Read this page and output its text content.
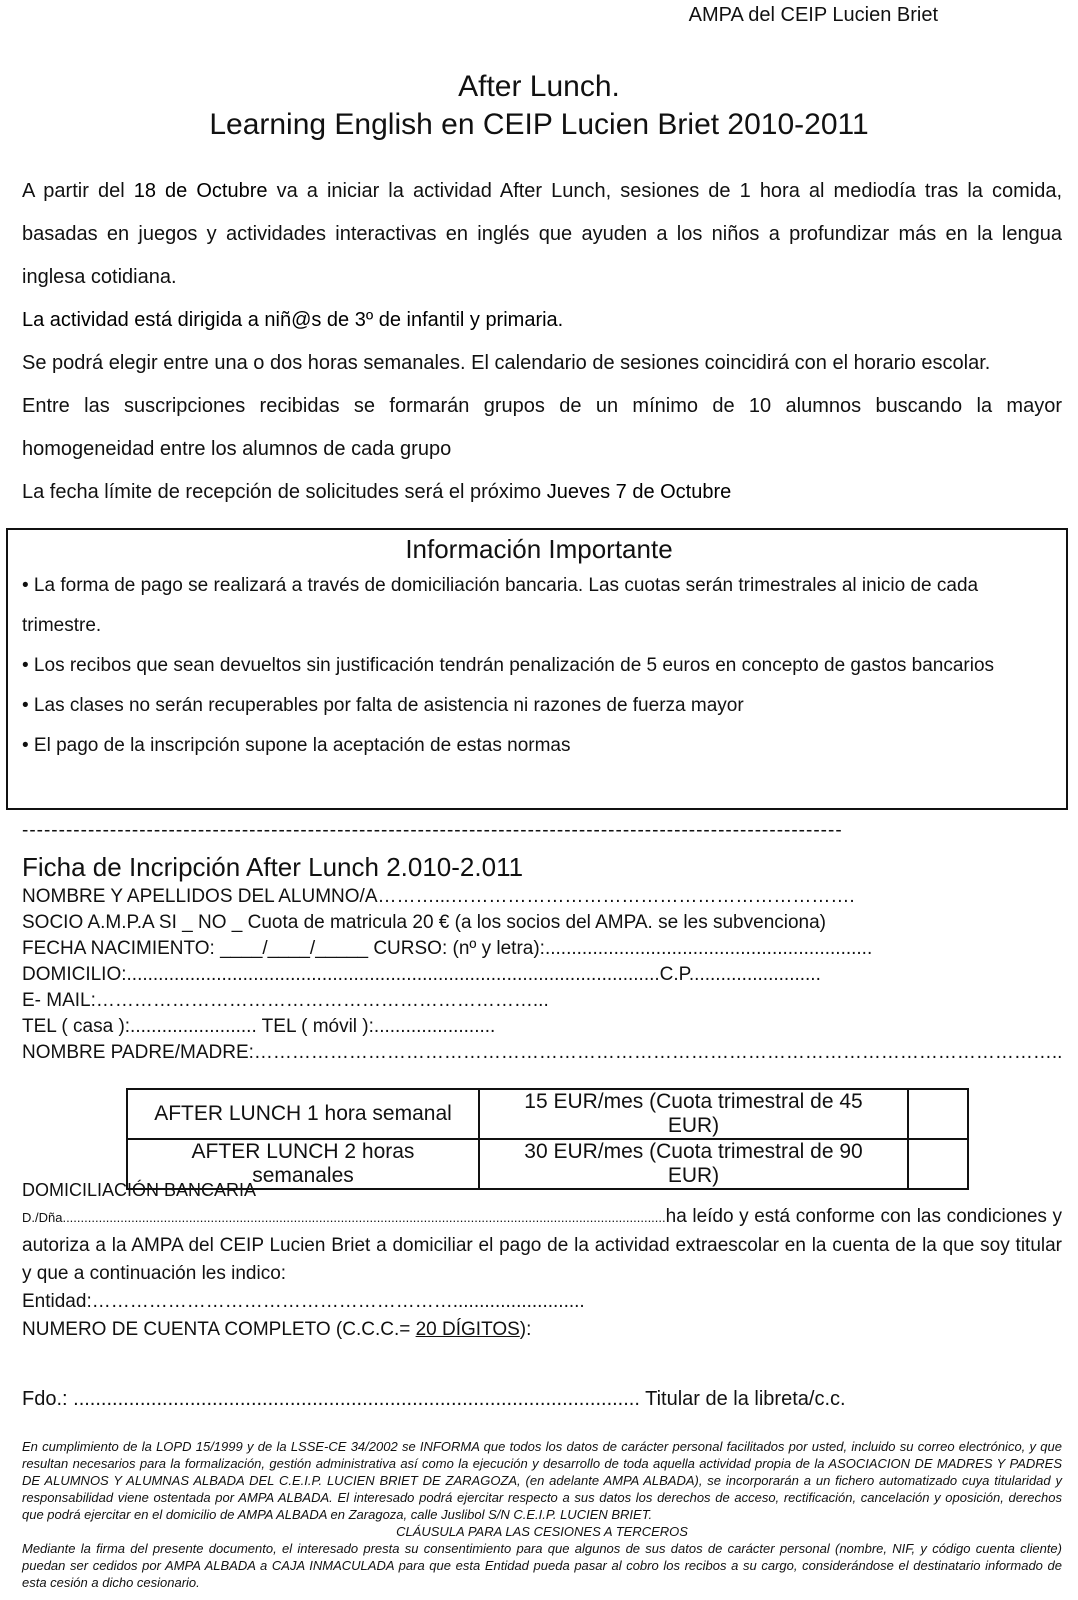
AMPA del CEIP Lucien Briet
After Lunch.
Learning English en CEIP Lucien Briet 2010-2011
A partir del 18 de Octubre va a iniciar la actividad After Lunch, sesiones de 1 hora al mediodía tras la comida, basadas en juegos y actividades interactivas en inglés que ayuden a los niños a profundizar más en la lengua inglesa cotidiana.
La actividad está dirigida a niñ@s de 3º de infantil y primaria.
Se podrá elegir entre una o dos horas semanales. El calendario de sesiones coincidirá con el horario escolar.
Entre las suscripciones recibidas se formarán grupos de un mínimo de 10 alumnos buscando la mayor homogeneidad entre los alumnos de cada grupo
La fecha límite de recepción de solicitudes será el próximo Jueves 7 de Octubre
Información Importante
• La forma de pago se realizará a través de domiciliación bancaria. Las cuotas serán trimestrales al inicio de cada trimestre.
• Los recibos que sean devueltos sin justificación tendrán penalización de 5 euros en concepto de gastos bancarios
• Las clases no serán recuperables por falta de asistencia ni razones de fuerza mayor
• El pago de la inscripción supone la aceptación de estas normas
----------------------------------------------------------------------------------------------------------------
Ficha de Incripción After Lunch 2.010-2.011
NOMBRE Y APELLIDOS DEL ALUMNO/A………...……………………………………………………….
SOCIO A.M.P.A SI _ NO _ Cuota de matricula 20 € (a los socios del AMPA. se les subvenciona)
FECHA NACIMIENTO: ____/____/_____ CURSO: (nº y letra):..............................................................
DOMICILIO:.....................................................................................................C.P.........................
E- MAIL:……………………………………………………………...
TEL ( casa ):........................ TEL ( móvil ):.......................
NOMBRE PADRE/MADRE:………………………………………………………………………………………………………………..
AFTER LUNCH 1 hora semanal	15 EUR/mes (Cuota trimestral de 45 EUR)	
AFTER LUNCH 2 horas semanales	30 EUR/mes (Cuota trimestral de 90 EUR)	
DOMICILIACIÓN BANCARIA
D./Dña.......................................................................................................................................................................ha leído y está conforme con las condiciones y autoriza a la AMPA del CEIP Lucien Briet a domiciliar el pago de la actividad extraescolar en la cuenta de la que soy titular y que a continuación les indico:
Entidad:………………………………………………….........................
NUMERO DE CUENTA COMPLETO (C.C.C.= 20 DÍGITOS):
Fdo.: ...................................................................................................... Titular de la libreta/c.c.
En cumplimiento de la LOPD 15/1999 y de la LSSE-CE 34/2002 se INFORMA que todos los datos de carácter personal facilitados por usted, incluido su correo electrónico, y que resultan necesarios para la formalización, gestión administrativa así como la ejecución y desarrollo de toda aquella actividad propia de la ASOCIACION DE MADRES Y PADRES DE ALUMNOS Y ALUMNAS ALBADA DEL C.E.I.P. LUCIEN BRIET DE ZARAGOZA, (en adelante AMPA ALBADA), se incorporarán a un fichero automatizado cuya titularidad y responsabilidad viene ostentada por AMPA ALBADA. El interesado podrá ejercitar respecto a sus datos los derechos de acceso, rectificación, cancelación y oposición, derechos que podrá ejercitar en el domicilio de AMPA ALBADA en Zaragoza, calle Juslibol S/N C.E.I.P. LUCIEN BRIET.
CLÁUSULA PARA LAS CESIONES A TERCEROS
Mediante la firma del presente documento, el interesado presta su consentimiento para que algunos de sus datos de carácter personal (nombre, NIF, y código cuenta cliente) puedan ser cedidos por AMPA ALBADA a CAJA INMACULADA para que esta Entidad pueda pasar al cobro los recibos a su cargo, considerándose el destinatario informado de esta cesión a dicho cesionario.
